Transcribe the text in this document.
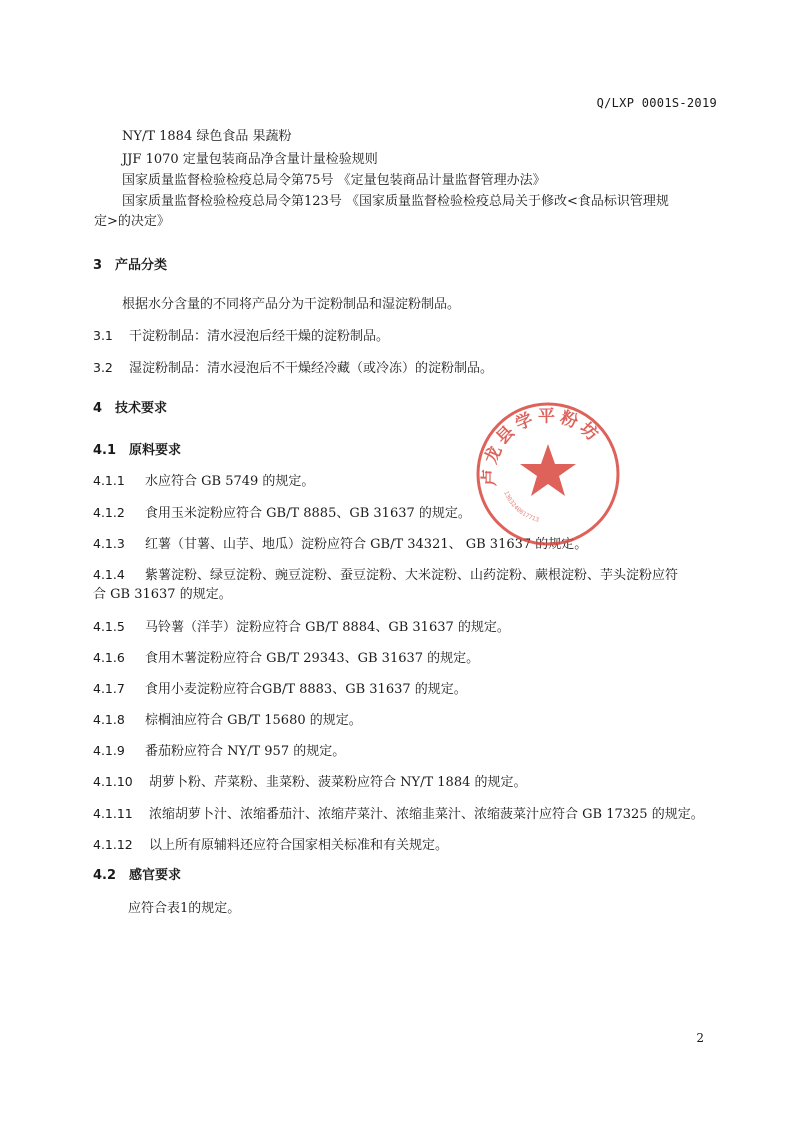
Q/LXP 0001S-2019
NY/T 1884 绿色食品 果蔬粉
JJF 1070 定量包装商品净含量计量检验规则
国家质量监督检验检疫总局令第75号 《定量包装商品计量监督管理办法》
国家质量监督检验检疫总局令第123号 《国家质量监督检验检疫总局关于修改<食品标识管理规
定>的决定》
3 产品分类
根据水分含量的不同将产品分为干淀粉制品和湿淀粉制品。
3.1 干淀粉制品：清水浸泡后经干燥的淀粉制品。
3.2 湿淀粉制品：清水浸泡后不干燥经冷藏（或冷冻）的淀粉制品。
4 技术要求
4.1 原料要求
4.1.1 水应符合 GB 5749 的规定。
4.1.2 食用玉米淀粉应符合 GB/T 8885、GB 31637 的规定。
4.1.3 红薯（甘薯、山芋、地瓜）淀粉应符合 GB/T 34321、 GB 31637 的规定。
4.1.4 紫薯淀粉、绿豆淀粉、豌豆淀粉、蚕豆淀粉、大米淀粉、山药淀粉、蕨根淀粉、芋头淀粉应符
合 GB 31637 的规定。
4.1.5 马铃薯（洋芋）淀粉应符合 GB/T 8884、GB 31637 的规定。
4.1.6 食用木薯淀粉应符合 GB/T 29343、GB 31637 的规定。
4.1.7 食用小麦淀粉应符合GB/T 8883、GB 31637 的规定。
4.1.8 棕榈油应符合 GB/T 15680 的规定。
4.1.9 番茄粉应符合 NY/T 957 的规定。
4.1.10 胡萝卜粉、芹菜粉、韭菜粉、菠菜粉应符合 NY/T 1884 的规定。
4.1.11 浓缩胡萝卜汁、浓缩番茄汁、浓缩芹菜汁、浓缩韭菜汁、浓缩菠菜汁应符合 GB 17325 的规定。
4.1.12 以上所有原辅料还应符合国家相关标准和有关规定。
4.2 感官要求
应符合表1的规定。
卢龙县学平粉坊
1303240017713
2
